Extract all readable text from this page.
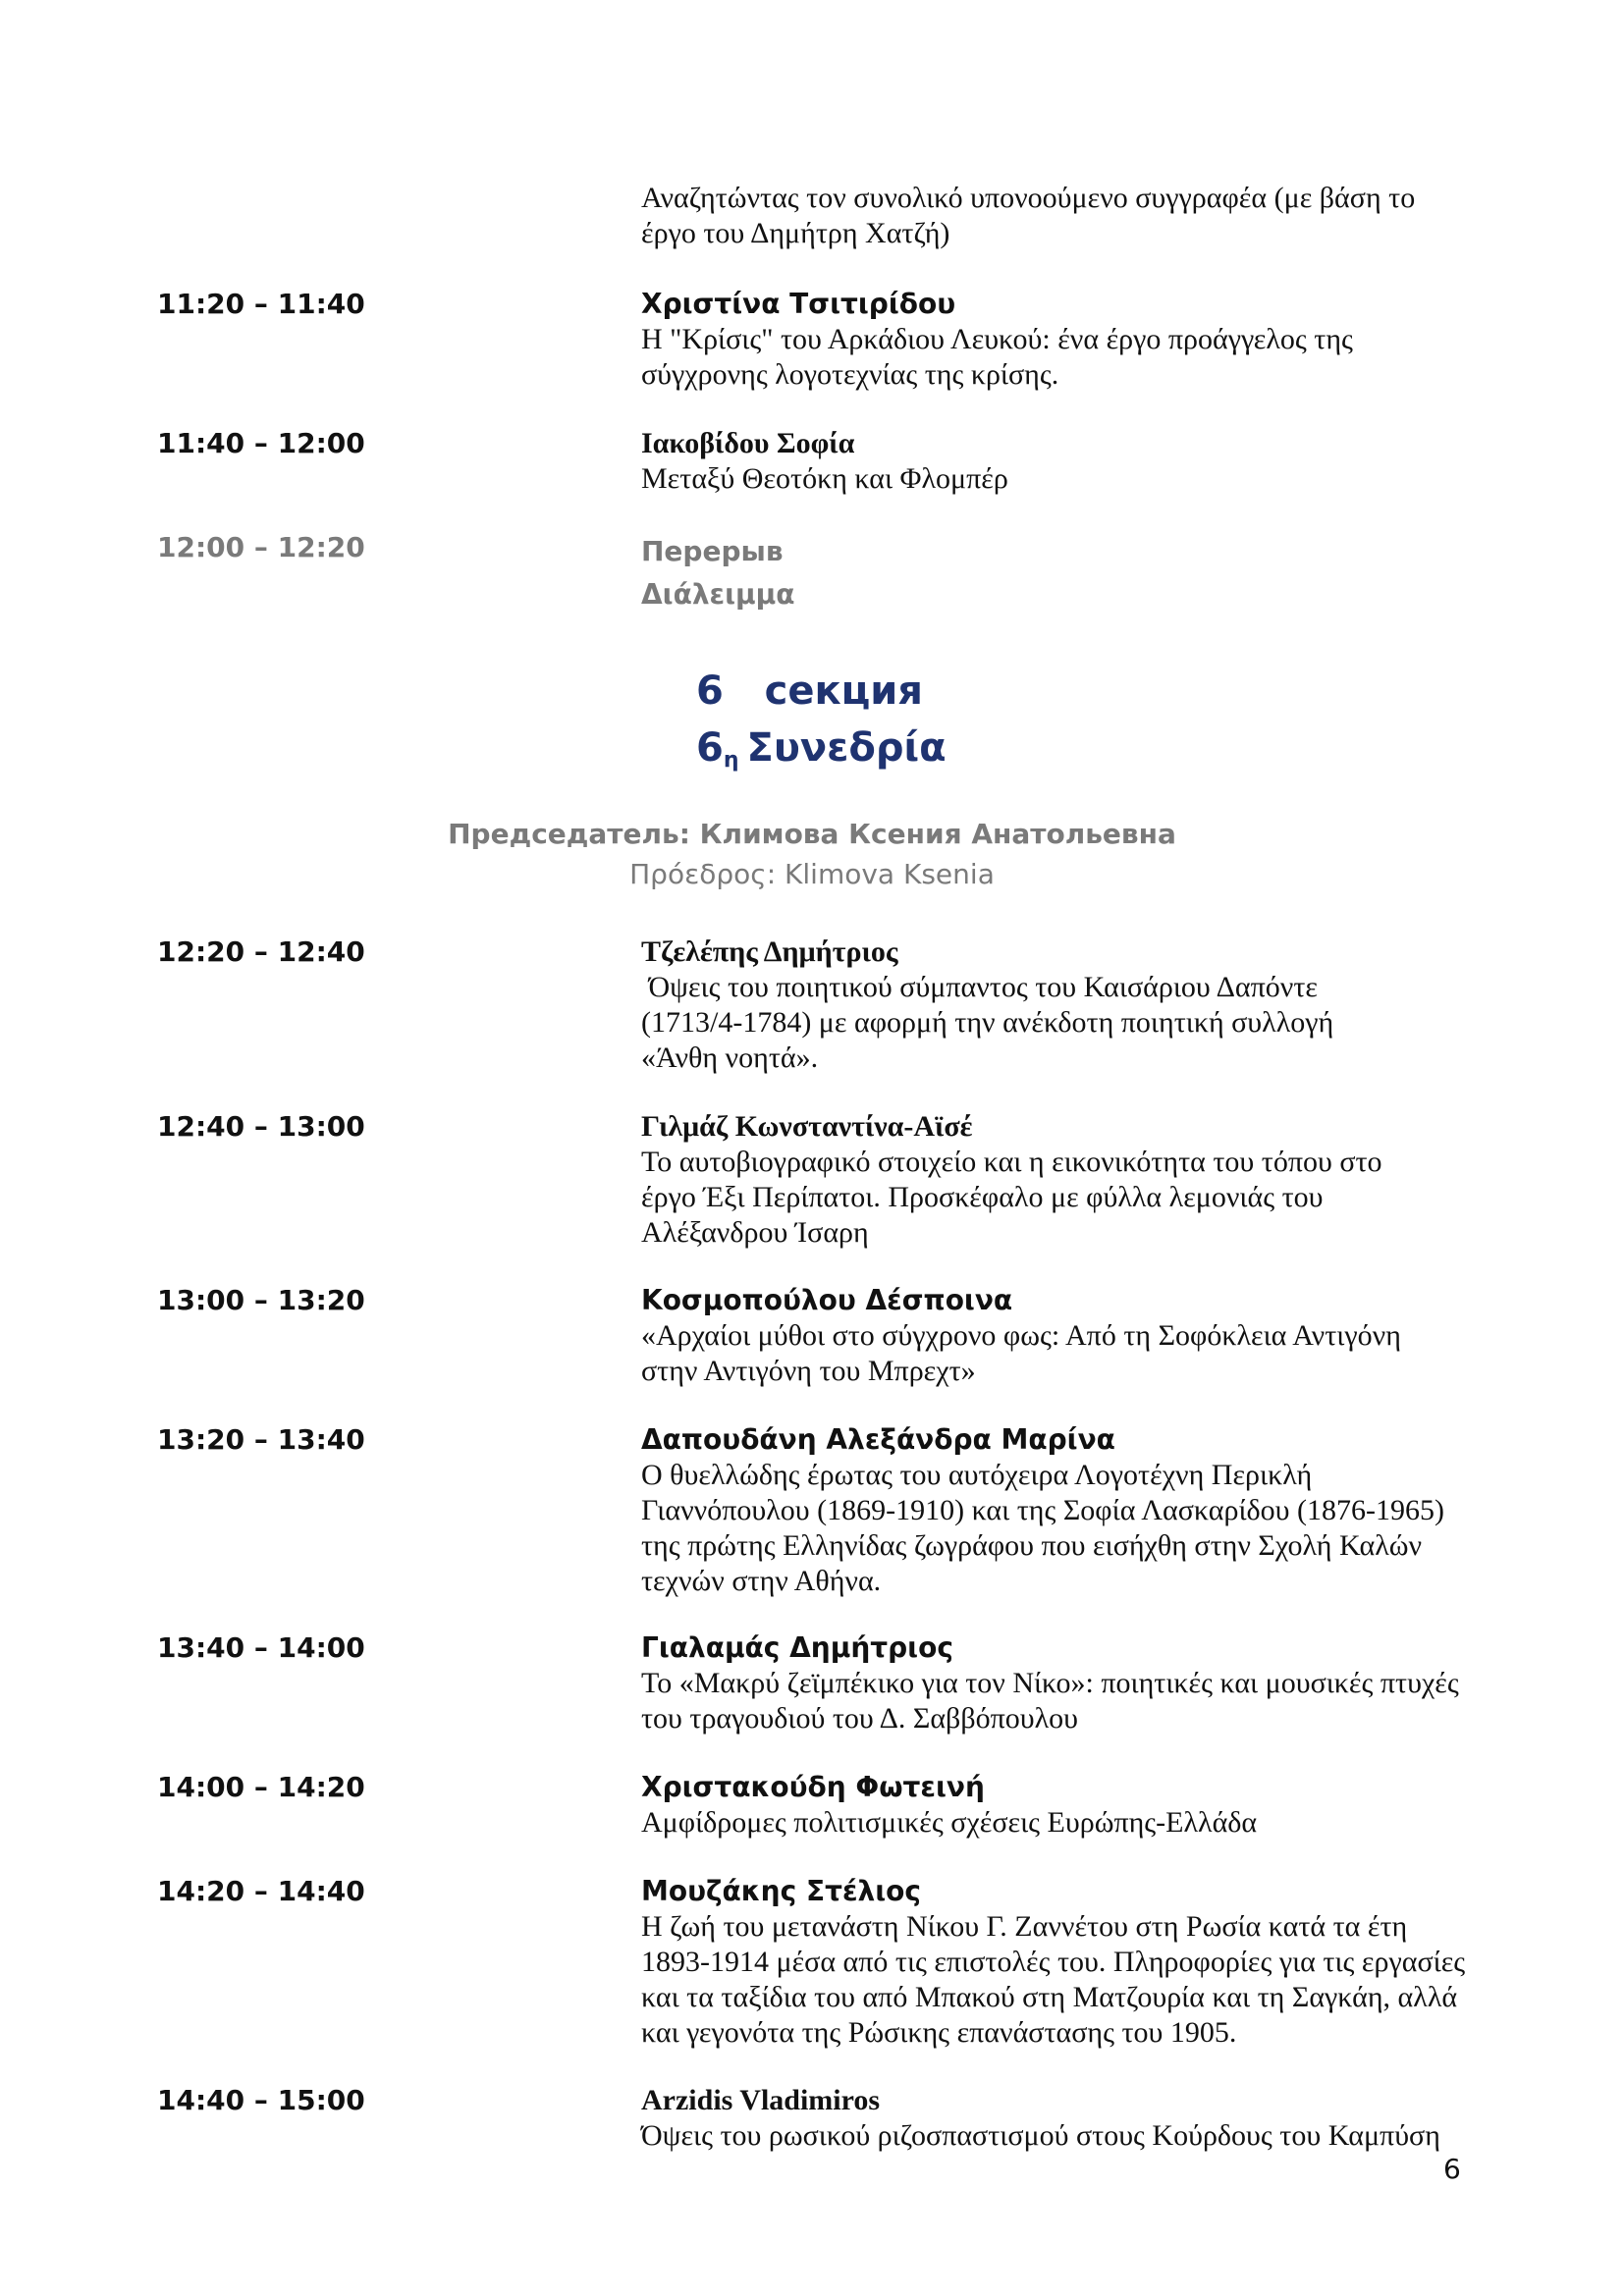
Αναζητώντας τον συνολικό υπονοούμενο συγγραφέα (με βάση το
έργο του Δημήτρη Χατζή)
11:20 – 11:40	Χριστίνα Τσιτιρίδου
Η "Κρίσις" του Αρκάδιου Λευκού: ένα έργο προάγγελος της
σύγχρονης λογοτεχνίας της κρίσης.
11:40 – 12:00	Ιακοβίδου Σοφία
Μεταξύ Θεοτόκη και Φλομπέρ
12:00 – 12:20	Перерыв
Διάλειμμα
6 секция
$6_\eta$ Συνεδρία
Председатель: Климова Ксения Анатольевна
Πρόεδρος: Klimova Ksenia
12:20 – 12:40	Τζελέπης Δημήτριος
Όψεις του ποιητικού σύμπαντος του Καισάριου Δαπόντε
(1713/4-1784) με αφορμή την ανέκδοτη ποιητική συλλογή
«Άνθη νοητά».
12:40 – 13:00	Γιλμάζ Κωνσταντίνα-Αϊσέ
Το αυτοβιογραφικό στοιχείο και η εικονικότητα του τόπου στο
έργο Έξι Περίπατοι. Προσκέφαλο με φύλλα λεμονιάς του
Αλέξανδρου Ίσαρη
13:00 – 13:20	Κοσμοπούλου Δέσποινα
«Αρχαίοι μύθοι στο σύγχρονο φως: Από τη Σοφόκλεια Αντιγόνη
στην Αντιγόνη του Μπρεχτ»
13:20 – 13:40	Δαπουδάνη Αλεξάνδρα Μαρίνα
Ο θυελλώδης έρωτας του αυτόχειρα Λογοτέχνη Περικλή
Γιαννόπουλου (1869-1910) και της Σοφία Λασκαρίδου (1876-1965)
της πρώτης Ελληνίδας ζωγράφου που εισήχθη στην Σχολή Καλών
τεχνών στην Αθήνα.
13:40 – 14:00	Γιαλαμάς Δημήτριος
Το «Μακρύ ζεϊμπέκικο για τον Νίκο»: ποιητικές και μουσικές πτυχές
του τραγουδιού του Δ. Σαββόπουλου
14:00 – 14:20	Χριστακούδη Φωτεινή
Αμφίδρομες πολιτισμικές σχέσεις Ευρώπης-Ελλάδα
14:20 – 14:40	Μουζάκης Στέλιος
Η ζωή του μετανάστη Νίκου Γ. Ζαννέτου στη Ρωσία κατά τα έτη
1893-1914 μέσα από τις επιστολές του. Πληροφορίες για τις εργασίες
και τα ταξίδια του από Μπακού στη Ματζουρία και τη Σαγκάη, αλλά
και γεγονότα της Ρώσικης επανάστασης του 1905.
14:40 – 15:00	Arzidis Vladimiros
Όψεις του ρωσικού ριζοσπαστισμού στους Κούρδους του Καμπύση
6
